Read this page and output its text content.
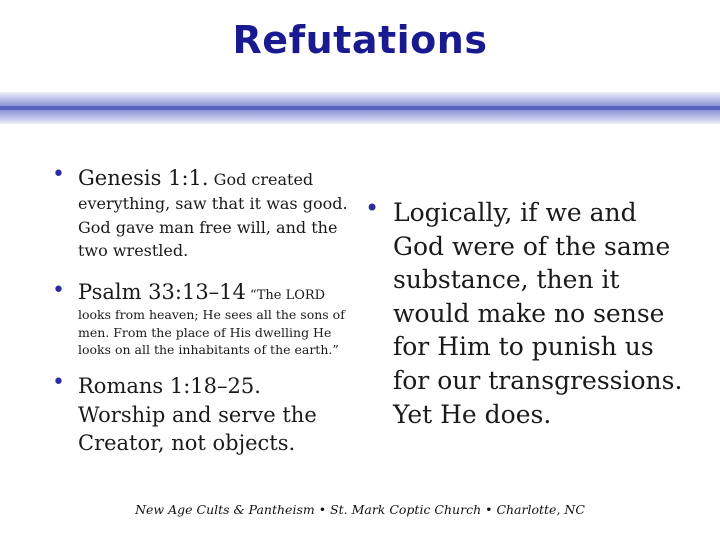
Refutations
• Genesis 1:1. God created
everything, saw that it was good. God gave man free will, and the two wrestled.
• Psalm 33:13–14 “The LORD
looks from heaven; He sees all the sons of men. From the place of His dwelling He looks on all the inhabitants of the earth.”
• Romans 1:18–25. Worship and serve the Creator, not objects.
• Logically, if we and God were of the same substance, then it would make no sense for Him to punish us for our transgressions. Yet He does.
New Age Cults & Pantheism • St. Mark Coptic Church • Charlotte, NC
